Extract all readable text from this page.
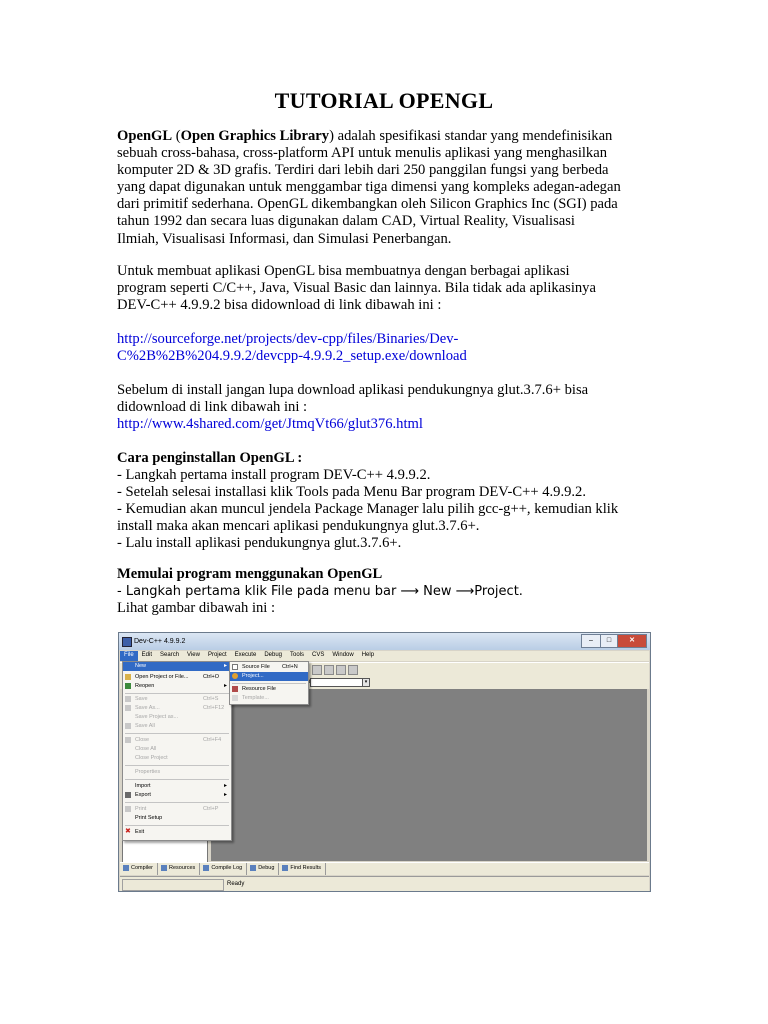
TUTORIAL OPENGL

OpenGL (Open Graphics Library) adalah spesifikasi standar yang mendefinisikan

sebuah cross-bahasa, cross-platform API untuk menulis aplikasi yang menghasilkan

komputer 2D & 3D grafis. Terdiri dari lebih dari 250 panggilan fungsi yang berbeda

yang dapat digunakan untuk menggambar tiga dimensi yang kompleks adegan-adegan

dari primitif sederhana. OpenGL dikembangkan oleh Silicon Graphics Inc (SGI) pada

tahun 1992 dan secara luas digunakan dalam CAD, Virtual Reality, Visualisasi

Ilmiah, Visualisasi Informasi, dan Simulasi Penerbangan.

Untuk membuat aplikasi OpenGL bisa membuatnya dengan berbagai aplikasi

program seperti C/C++, Java, Visual Basic dan lainnya. Bila tidak ada aplikasinya

DEV-C++ 4.9.9.2 bisa didownload di link dibawah ini :

http://sourceforge.net/projects/dev-cpp/files/Binaries/Dev-

C%2B%2B%204.9.9.2/devcpp-4.9.9.2_setup.exe/download

Sebelum di install jangan lupa download aplikasi pendukungnya glut.3.7.6+ bisa

didownload di link dibawah ini :

http://www.4shared.com/get/JtmqVt66/glut376.html

Cara penginstallan OpenGL :

- Langkah pertama install program DEV-C++ 4.9.9.2.

- Setelah selesai installasi klik Tools pada Menu Bar program DEV-C++ 4.9.9.2.

- Kemudian akan muncul jendela Package Manager lalu pilih gcc-g++, kemudian klik

install maka akan mencari aplikasi pendukungnya glut.3.7.6+.

- Lalu install aplikasi pendukungnya glut.3.7.6+.

Memulai program menggunakan OpenGL

- Langkah pertama klik File pada menu bar ⟶ New ⟶Project.

Lihat gambar dibawah ini :

Dev-C++ 4.9.9.2	–	□	✕
File	Edit	Search	View	Project	Execute	Debug	Tools	CVS	Window	Help
▾
Compiler	Resources	Compile Log	Debug	Find Results
Ready
New	▸
Open Project or File...	Ctrl+O
Reopen	▸
Save	Ctrl+S
Save As...	Ctrl+F12
Save Project as...
Save All
Close	Ctrl+F4
Close All
Close Project
Properties
Import	▸
Export	▸
Print	Ctrl+P
Print Setup
✖ Exit
Source File Ctrl+N
Project...
Resource File
Template...
